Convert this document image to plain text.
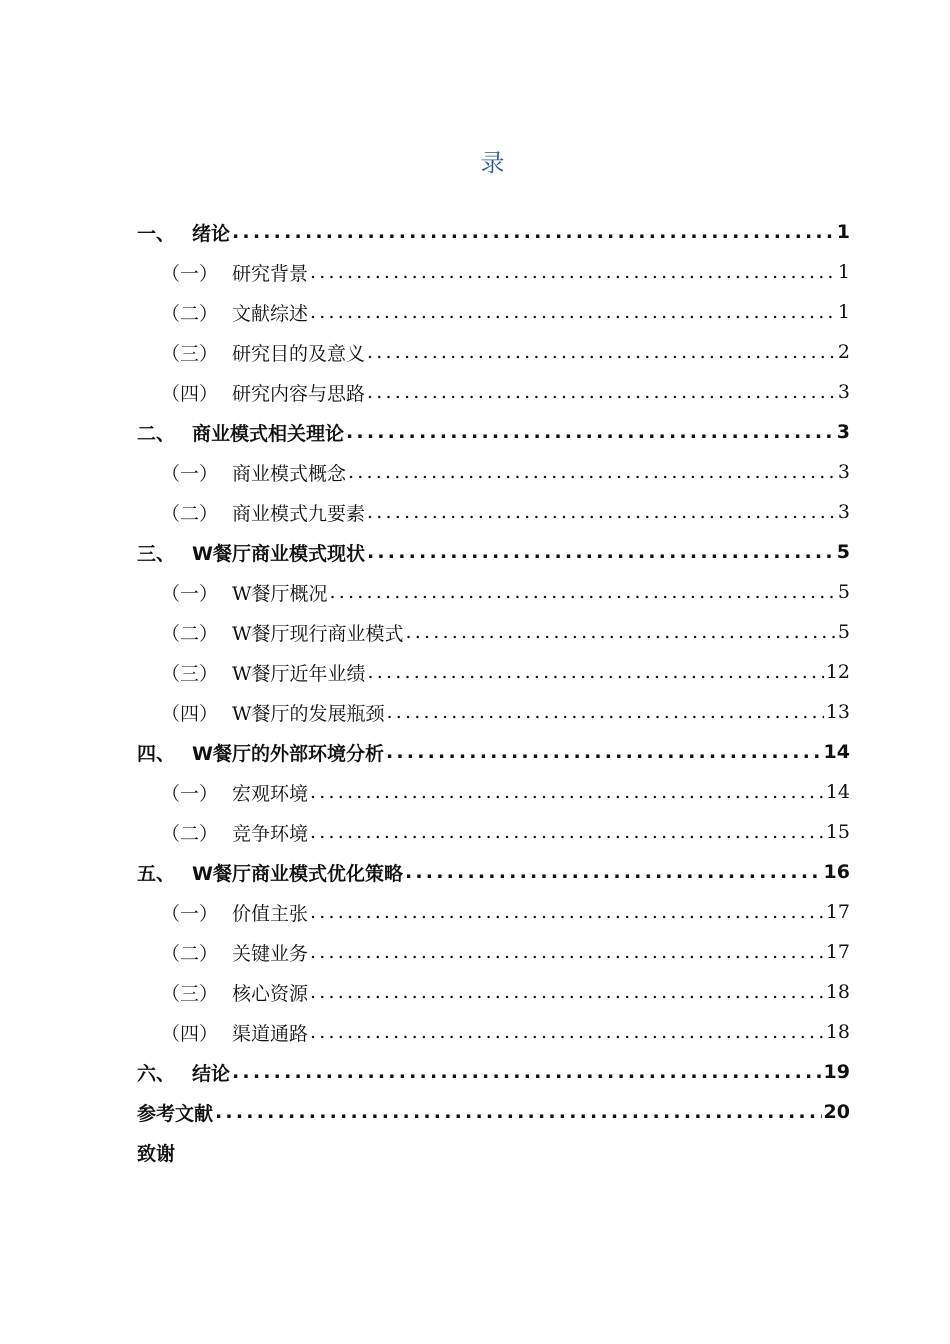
录
一、 绪论 .....	1
（一） 研究背景 .....	1
（二） 文献综述 .....	1
（三） 研究目的及意义 .....	2
（四） 研究内容与思路 .....	3
二、 商业模式相关理论 .....	3
（一） 商业模式概念 .....	3
（二） 商业模式九要素 .....	3
三、 W餐厅商业模式现状 .....	5
（一） W餐厅概况 .....	5
（二） W餐厅现行商业模式 .....	5
（三） W餐厅近年业绩 .....	12
（四） W餐厅的发展瓶颈 .....	13
四、 W餐厅的外部环境分析 .....	14
（一） 宏观环境 .....	14
（二） 竞争环境 .....	15
五、 W餐厅商业模式优化策略 .....	16
（一） 价值主张 .....	17
（二） 关键业务 .....	17
（三） 核心资源 .....	18
（四） 渠道通路 .....	18
六、 结论 .....	19
参考文献 .....	20
致谢
